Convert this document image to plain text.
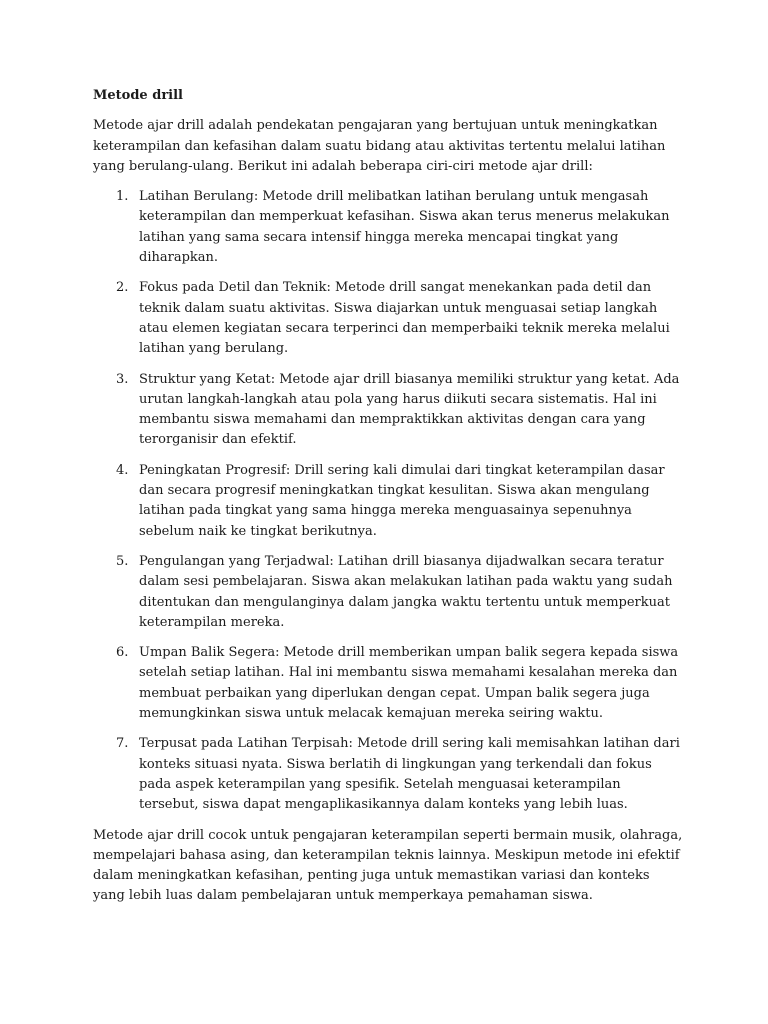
Metode drill

Metode ajar drill adalah pendekatan pengajaran yang bertujuan untuk meningkatkan keterampilan dan kefasihan dalam suatu bidang atau aktivitas tertentu melalui latihan yang berulang-ulang. Berikut ini adalah beberapa ciri-ciri metode ajar drill:

1. Latihan Berulang: Metode drill melibatkan latihan berulang untuk mengasah keterampilan dan memperkuat kefasihan. Siswa akan terus menerus melakukan latihan yang sama secara intensif hingga mereka mencapai tingkat yang diharapkan.
2. Fokus pada Detil dan Teknik: Metode drill sangat menekankan pada detil dan teknik dalam suatu aktivitas. Siswa diajarkan untuk menguasai setiap langkah atau elemen kegiatan secara terperinci dan memperbaiki teknik mereka melalui latihan yang berulang.
3. Struktur yang Ketat: Metode ajar drill biasanya memiliki struktur yang ketat. Ada urutan langkah-langkah atau pola yang harus diikuti secara sistematis. Hal ini membantu siswa memahami dan mempraktikkan aktivitas dengan cara yang terorganisir dan efektif.
4. Peningkatan Progresif: Drill sering kali dimulai dari tingkat keterampilan dasar dan secara progresif meningkatkan tingkat kesulitan. Siswa akan mengulang latihan pada tingkat yang sama hingga mereka menguasainya sepenuhnya sebelum naik ke tingkat berikutnya.
5. Pengulangan yang Terjadwal: Latihan drill biasanya dijadwalkan secara teratur dalam sesi pembelajaran. Siswa akan melakukan latihan pada waktu yang sudah ditentukan dan mengulanginya dalam jangka waktu tertentu untuk memperkuat keterampilan mereka.
6. Umpan Balik Segera: Metode drill memberikan umpan balik segera kepada siswa setelah setiap latihan. Hal ini membantu siswa memahami kesalahan mereka dan membuat perbaikan yang diperlukan dengan cepat. Umpan balik segera juga memungkinkan siswa untuk melacak kemajuan mereka seiring waktu.
7. Terpusat pada Latihan Terpisah: Metode drill sering kali memisahkan latihan dari konteks situasi nyata. Siswa berlatih di lingkungan yang terkendali dan fokus pada aspek keterampilan yang spesifik. Setelah menguasai keterampilan tersebut, siswa dapat mengaplikasikannya dalam konteks yang lebih luas.

Metode ajar drill cocok untuk pengajaran keterampilan seperti bermain musik, olahraga, mempelajari bahasa asing, dan keterampilan teknis lainnya. Meskipun metode ini efektif dalam meningkatkan kefasihan, penting juga untuk memastikan variasi dan konteks yang lebih luas dalam pembelajaran untuk memperkaya pemahaman siswa.
